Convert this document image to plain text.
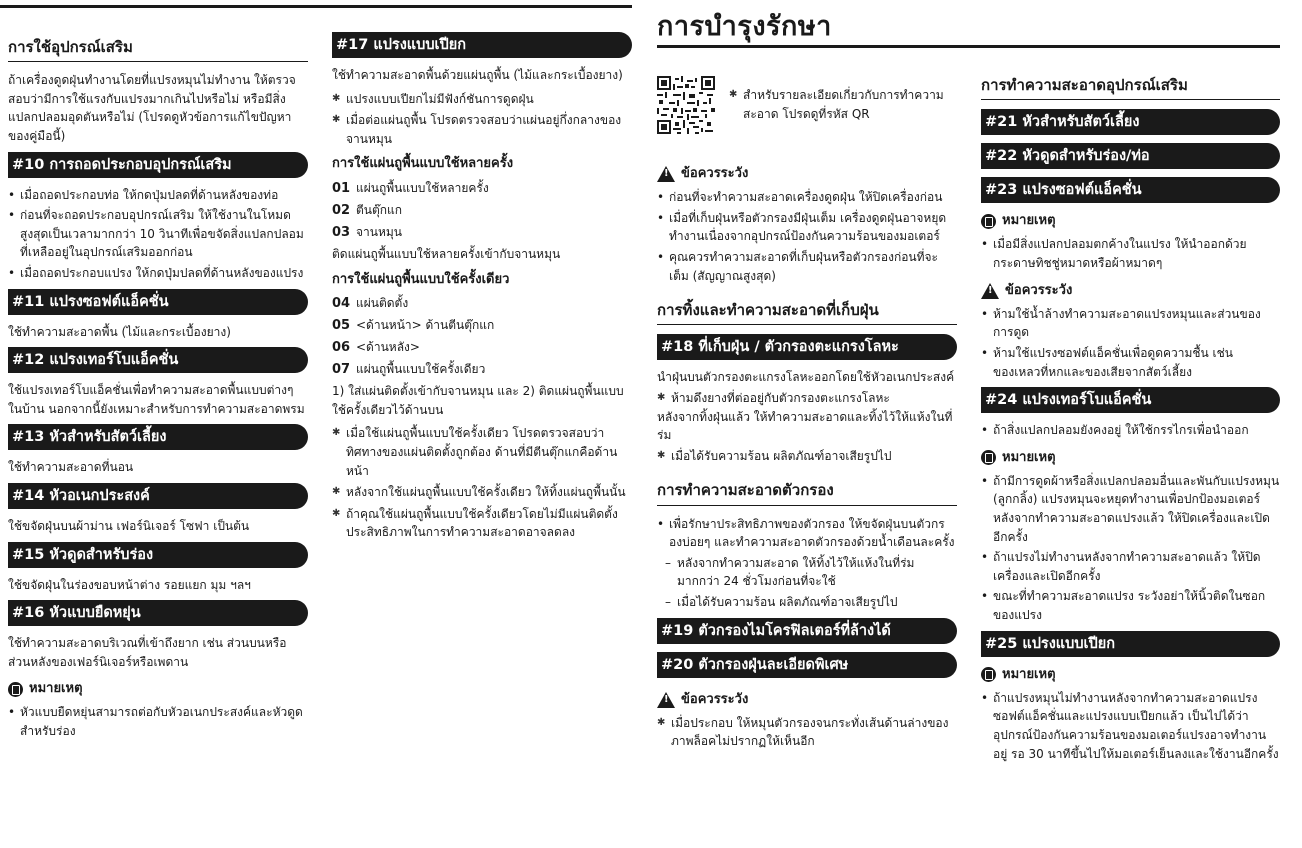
การบำรุงรักษา
การใช้อุปกรณ์เสริม

ถ้าเครื่องดูดฝุ่นทำงานโดยที่แปรงหมุนไม่ทำงาน ให้ตรวจสอบว่ามีการใช้แรงกับแปรงมากเกินไปหรือไม่ หรือมีสิ่งแปลกปลอมอุดตันหรือไม่ (โปรดดูหัวข้อการแก้ไขปัญหาของคู่มือนี้)

#10 การถอดประกอบอุปกรณ์เสริม
• เมื่อถอดประกอบท่อ ให้กดปุ่มปลดที่ด้านหลังของท่อ
• ก่อนที่จะถอดประกอบอุปกรณ์เสริม ให้ใช้งานในโหมดสูงสุดเป็นเวลามากกว่า 10 วินาทีเพื่อขจัดสิ่งแปลกปลอมที่เหลืออยู่ในอุปกรณ์เสริมออกก่อน
• เมื่อถอดประกอบแปรง ให้กดปุ่มปลดที่ด้านหลังของแปรง
#11 แปรงซอฟต์แอ็คชั่น

ใช้ทำความสะอาดพื้น (ไม้และกระเบื้องยาง)

#12 แปรงเทอร์โบแอ็คชั่น

ใช้แปรงเทอร์โบแอ็คชั่นเพื่อทำความสะอาดพื้นแบบต่างๆ ในบ้าน นอกจากนี้ยังเหมาะสำหรับการทำความสะอาดพรม

#13 หัวสำหรับสัตว์เลี้ยง

ใช้ทำความสะอาดที่นอน

#14 หัวอเนกประสงค์

ใช้ขจัดฝุ่นบนผ้าม่าน เฟอร์นิเจอร์ โซฟา เป็นต้น

#15 หัวดูดสำหรับร่อง

ใช้ขจัดฝุ่นในร่องขอบหน้าต่าง รอยแยก มุม ฯลฯ

#16 หัวแบบยืดหยุ่น

ใช้ทำความสะอาดบริเวณที่เข้าถึงยาก เช่น ส่วนบนหรือส่วนหลังของเฟอร์นิเจอร์หรือเพดาน

หมายเหตุ
• หัวแบบยืดหยุ่นสามารถต่อกับหัวอเนกประสงค์และหัวดูดสำหรับร่อง
#17 แปรงแบบเปียก

ใช้ทำความสะอาดพื้นด้วยแผ่นถูพื้น (ไม้และกระเบื้องยาง)

✱ แปรงแบบเปียกไม่มีฟังก์ชันการดูดฝุ่น
✱ เมื่อต่อแผ่นถูพื้น โปรดตรวจสอบว่าแผ่นอยู่กึ่งกลางของจานหมุน
การใช้แผ่นถูพื้นแบบใช้หลายครั้ง
01 แผ่นถูพื้นแบบใช้หลายครั้ง
02 ตีนตุ๊กแก
03 จานหมุน

ติดแผ่นถูพื้นแบบใช้หลายครั้งเข้ากับจานหมุน

การใช้แผ่นถูพื้นแบบใช้ครั้งเดียว
04 แผ่นติดตั้ง
05 <ด้านหน้า> ด้านตีนตุ๊กแก
06 <ด้านหลัง>
07 แผ่นถูพื้นแบบใช้ครั้งเดียว

1) ใส่แผ่นติดตั้งเข้ากับจานหมุน และ 2) ติดแผ่นถูพื้นแบบใช้ครั้งเดียวไว้ด้านบน

✱ เมื่อใช้แผ่นถูพื้นแบบใช้ครั้งเดียว โปรดตรวจสอบว่าทิศทางของแผ่นติดตั้งถูกต้อง ด้านที่มีตีนตุ๊กแกคือด้านหน้า
✱ หลังจากใช้แผ่นถูพื้นแบบใช้ครั้งเดียว ให้ทิ้งแผ่นถูพื้นนั้น
✱ ถ้าคุณใช้แผ่นถูพื้นแบบใช้ครั้งเดียวโดยไม่มีแผ่นติดตั้ง ประสิทธิภาพในการทำความสะอาดอาจลดลง
✱ สำหรับรายละเอียดเกี่ยวกับการทำความสะอาด โปรดดูที่รหัส QR
!
ข้อควรระวัง
• ก่อนที่จะทำความสะอาดเครื่องดูดฝุ่น ให้ปิดเครื่องก่อน
• เมื่อที่เก็บฝุ่นหรือตัวกรองมีฝุ่นเต็ม เครื่องดูดฝุ่นอาจหยุดทำงานเนื่องจากอุปกรณ์ป้องกันความร้อนของมอเตอร์
• คุณควรทำความสะอาดที่เก็บฝุ่นหรือตัวกรองก่อนที่จะเต็ม (สัญญาณสูงสุด)
การทิ้งและทำความสะอาดที่เก็บฝุ่น
#18 ที่เก็บฝุ่น / ตัวกรองตะแกรงโลหะ

นำฝุ่นบนตัวกรองตะแกรงโลหะออกโดยใช้หัวอเนกประสงค์

✱ ห้ามดึงยางที่ต่ออยู่กับตัวกรองตะแกรงโลหะ

หลังจากทิ้งฝุ่นแล้ว ให้ทำความสะอาดและทิ้งไว้ให้แห้งในที่ร่ม

✱ เมื่อได้รับความร้อน ผลิตภัณฑ์อาจเสียรูปไป
การทำความสะอาดตัวกรอง
• เพื่อรักษาประสิทธิภาพของตัวกรอง ให้ขจัดฝุ่นบนตัวกรองบ่อยๆ และทำความสะอาดตัวกรองด้วยน้ำเดือนละครั้ง
– หลังจากทำความสะอาด ให้ทิ้งไว้ให้แห้งในที่ร่มมากกว่า 24 ชั่วโมงก่อนที่จะใช้
– เมื่อได้รับความร้อน ผลิตภัณฑ์อาจเสียรูปไป
#19 ตัวกรองไมโครฟิลเตอร์ที่ล้างได้
#20 ตัวกรองฝุ่นละเอียดพิเศษ
!
ข้อควรระวัง
✱ เมื่อประกอบ ให้หมุนตัวกรองจนกระทั่งเส้นด้านล่างของภาพล็อคไม่ปรากฏให้เห็นอีก
การทำความสะอาดอุปกรณ์เสริม
#21 หัวสำหรับสัตว์เลี้ยง
#22 หัวดูดสำหรับร่อง/ท่อ
#23 แปรงซอฟต์แอ็คชั่น
หมายเหตุ
• เมื่อมีสิ่งแปลกปลอมตกค้างในแปรง ให้นำออกด้วยกระดาษทิชชู่หมาดหรือผ้าหมาดๆ
!
ข้อควรระวัง
• ห้ามใช้น้ำล้างทำความสะอาดแปรงหมุนและส่วนของการดูด
• ห้ามใช้แปรงซอฟต์แอ็คชั่นเพื่อดูดความชื้น เช่น ของเหลวที่หกและของเสียจากสัตว์เลี้ยง
#24 แปรงเทอร์โบแอ็คชั่น
• ถ้าสิ่งแปลกปลอมยังคงอยู่ ให้ใช้กรรไกรเพื่อนำออก
หมายเหตุ
• ถ้ามีการดูดผ้าหรือสิ่งแปลกปลอมอื่นและพันกับแปรงหมุน (ลูกกลิ้ง) แปรงหมุนจะหยุดทำงานเพื่อปกป้องมอเตอร์ หลังจากทำความสะอาดแปรงแล้ว ให้ปิดเครื่องและเปิดอีกครั้ง
• ถ้าแปรงไม่ทำงานหลังจากทำความสะอาดแล้ว ให้ปิดเครื่องและเปิดอีกครั้ง
• ขณะที่ทำความสะอาดแปรง ระวังอย่าให้นิ้วติดในซอกของแปรง
#25 แปรงแบบเปียก
หมายเหตุ
• ถ้าแปรงหมุนไม่ทำงานหลังจากทำความสะอาดแปรงซอฟต์แอ็คชั่นและแปรงแบบเปียกแล้ว เป็นไปได้ว่าอุปกรณ์ป้องกันความร้อนของมอเตอร์แปรงอาจทำงานอยู่ รอ 30 นาทีขึ้นไปให้มอเตอร์เย็นลงและใช้งานอีกครั้ง
